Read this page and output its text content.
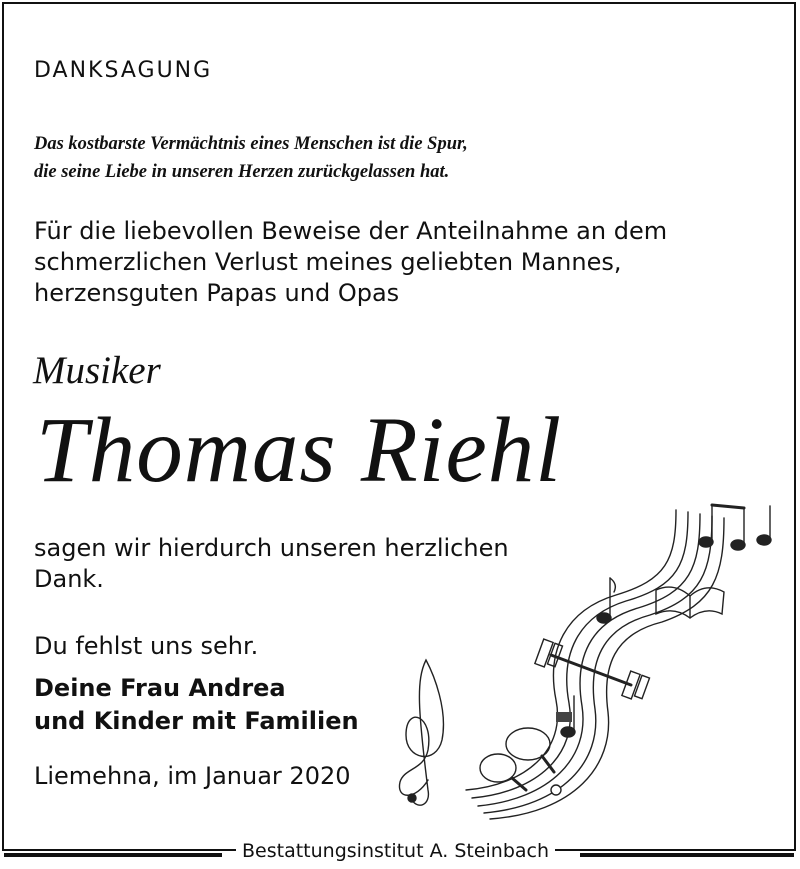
DANKSAGUNG
Das kostbarste Vermächtnis eines Menschen ist die Spur,
die seine Liebe in unseren Herzen zurückgelassen hat.
Für die liebevollen Beweise der Anteilnahme an dem
schmerzlichen Verlust meines geliebten Mannes,
herzensguten Papas und Opas
Musiker
Thomas Riehl
sagen wir hierdurch unseren herzlichen
Dank.
Du fehlst uns sehr.
Deine Frau Andrea
und Kinder mit Familien
Liemehna, im Januar 2020
Bestattungsinstitut A. Steinbach
